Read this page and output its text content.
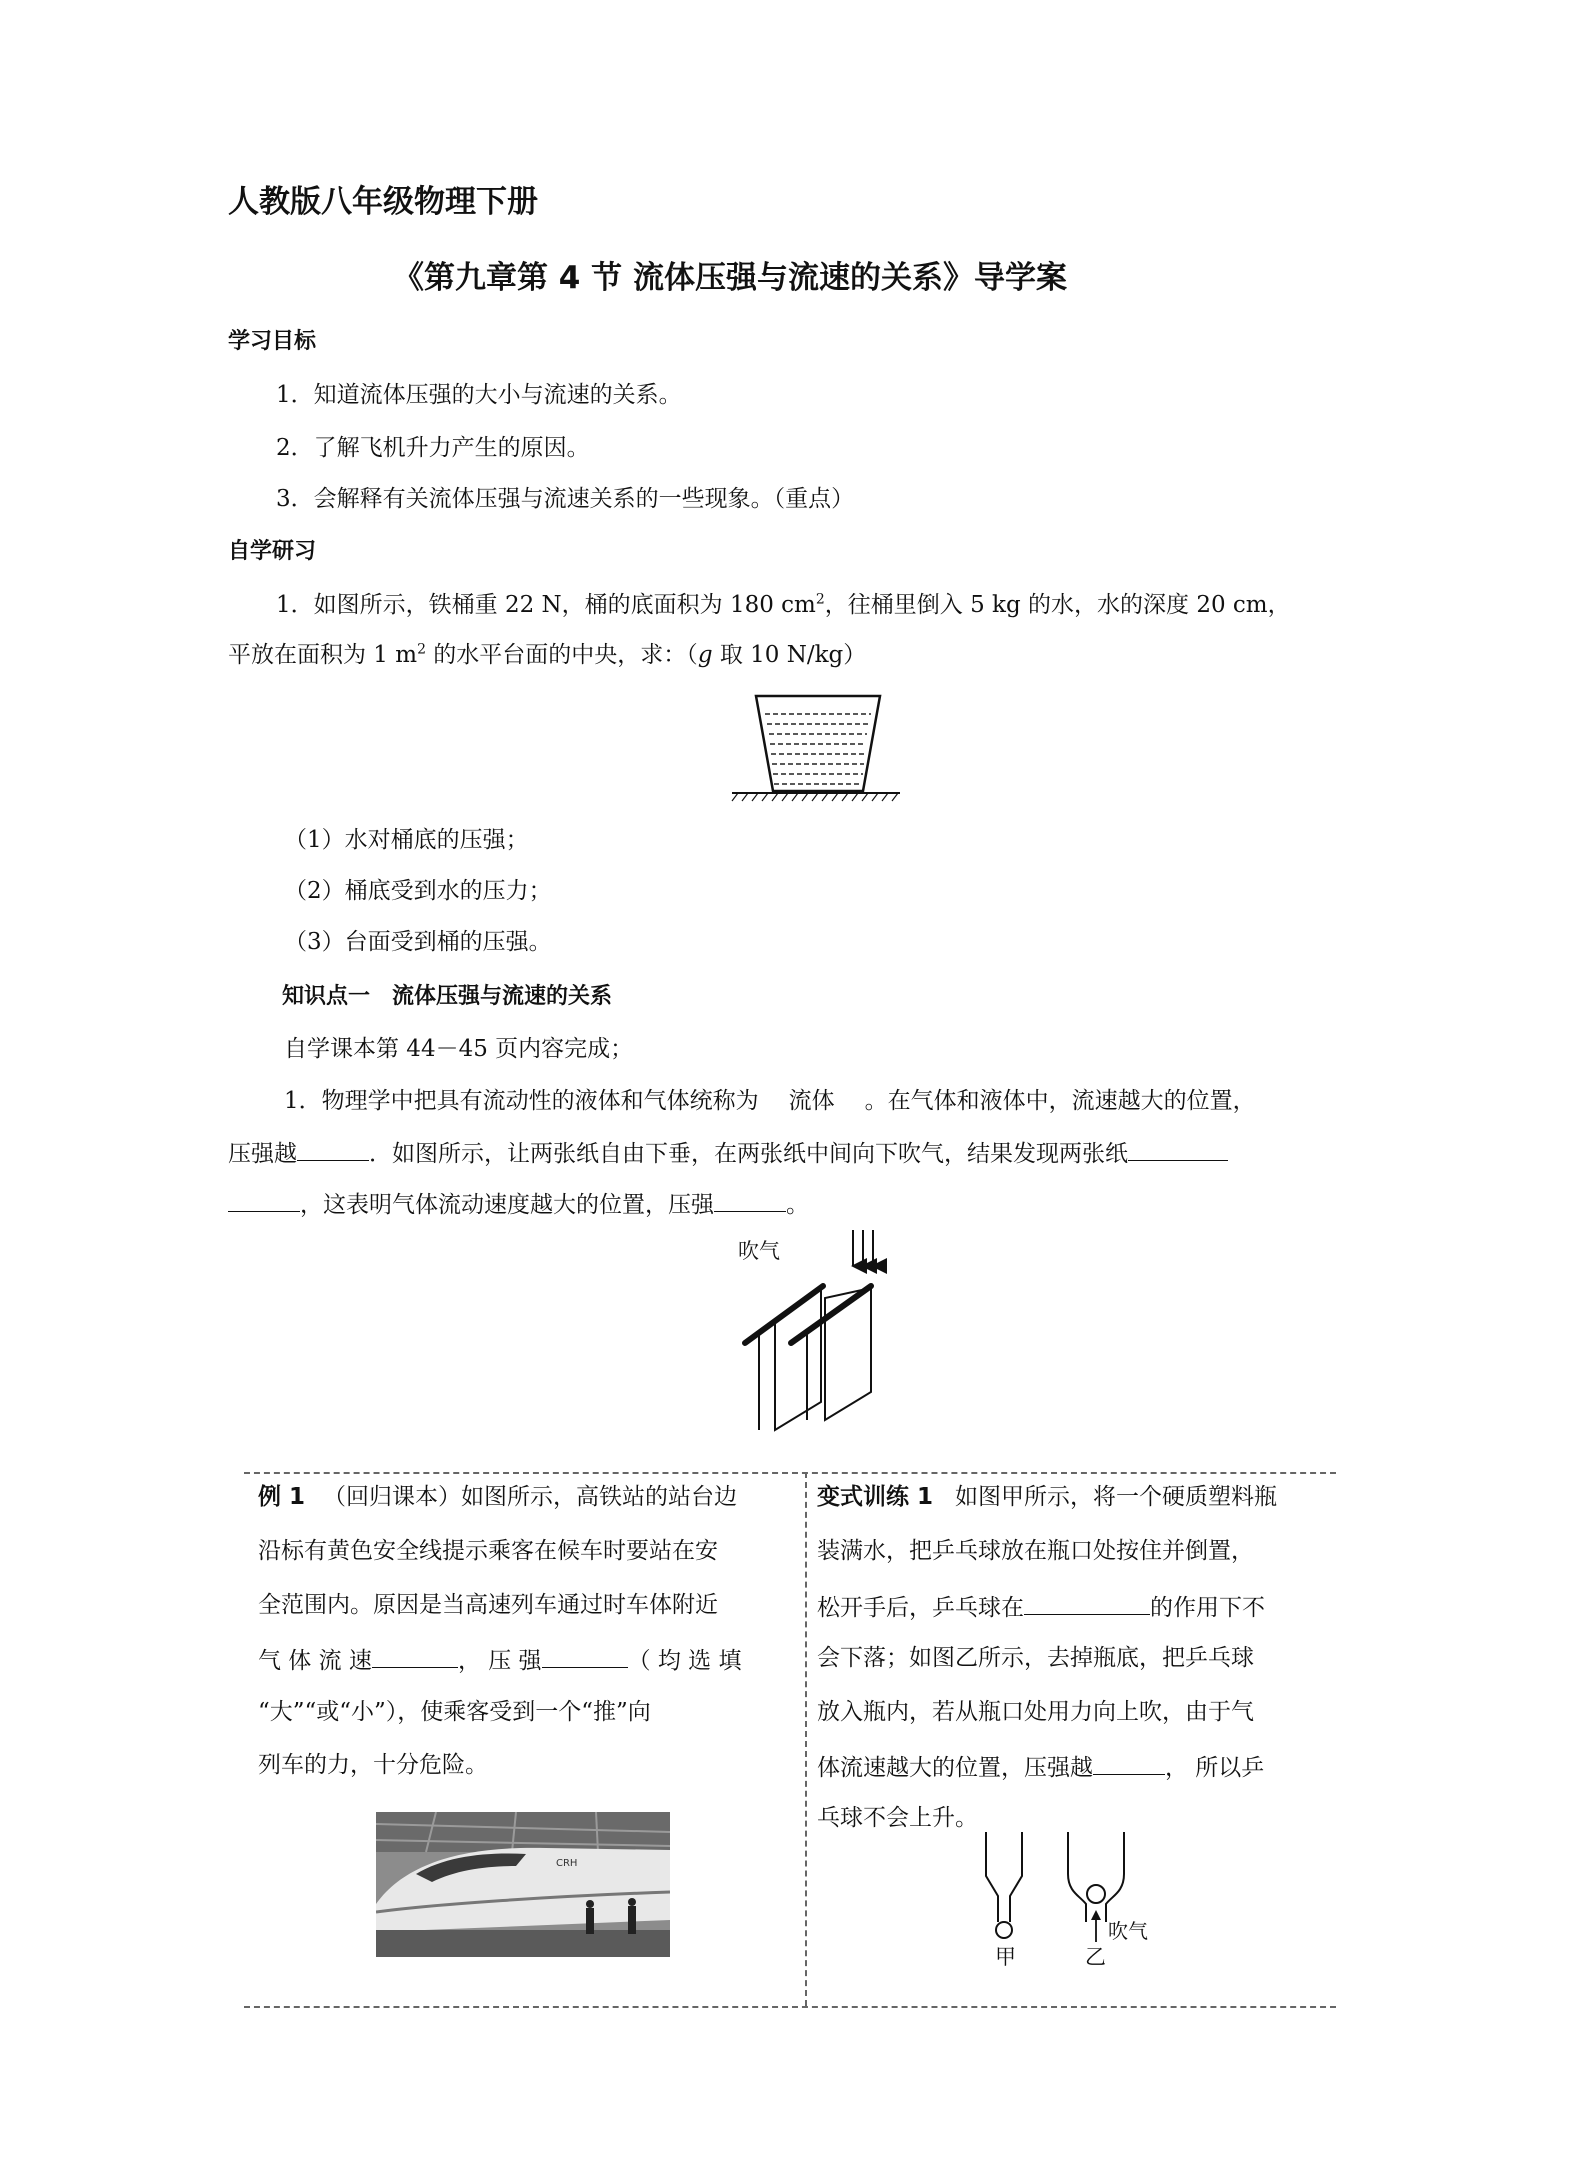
人教版八年级物理下册
《第九章第 4 节 流体压强与流速的关系》导学案
学习目标
1．知道流体压强的大小与流速的关系。
2．了解飞机升力产生的原因。
3．会解释有关流体压强与流速关系的一些现象。（重点）
自学研习
1．如图所示，铁桶重 22 N，桶的底面积为 180 $cm^2$，往桶里倒入 5 kg 的水，水的深度 20 cm，
平放在面积为 1 $m^2$ 的水平台面的中央，求：（g 取 10 N/kg）
（1）水对桶底的压强；
（2）桶底受到水的压力；
（3）台面受到桶的压强。
知识点一　流体压强与流速的关系
自学课本第 44－45 页内容完成；
1．物理学中把具有流动性的液体和气体统称为 流体 。在气体和液体中，流速越大的位置，
压强越	．如图所示，让两张纸自由下垂，在两张纸中间向下吹气，结果发现两张纸
，这表明气体流动速度越大的位置，压强	。
吹气
例 1 （回归课本）如图所示，高铁站的站台边
沿标有黄色安全线提示乘客在候车时要站在安
全范围内。原因是当高速列车通过时车体附近
气 体 流 速	， 压 强	（ 均 选 填
“大”“或“小”），使乘客受到一个“推”向
列车的力，十分危险。
CRH
变式训练 1 如图甲所示，将一个硬质塑料瓶
装满水，把乒乓球放在瓶口处按住并倒置，
松开手后，乒乓球在	的作用下不
会下落；如图乙所示，去掉瓶底，把乒乓球
放入瓶内，若从瓶口处用力向上吹，由于气
体流速越大的位置，压强越	， 所以乒
乓球不会上升。
甲	乙
吹气
